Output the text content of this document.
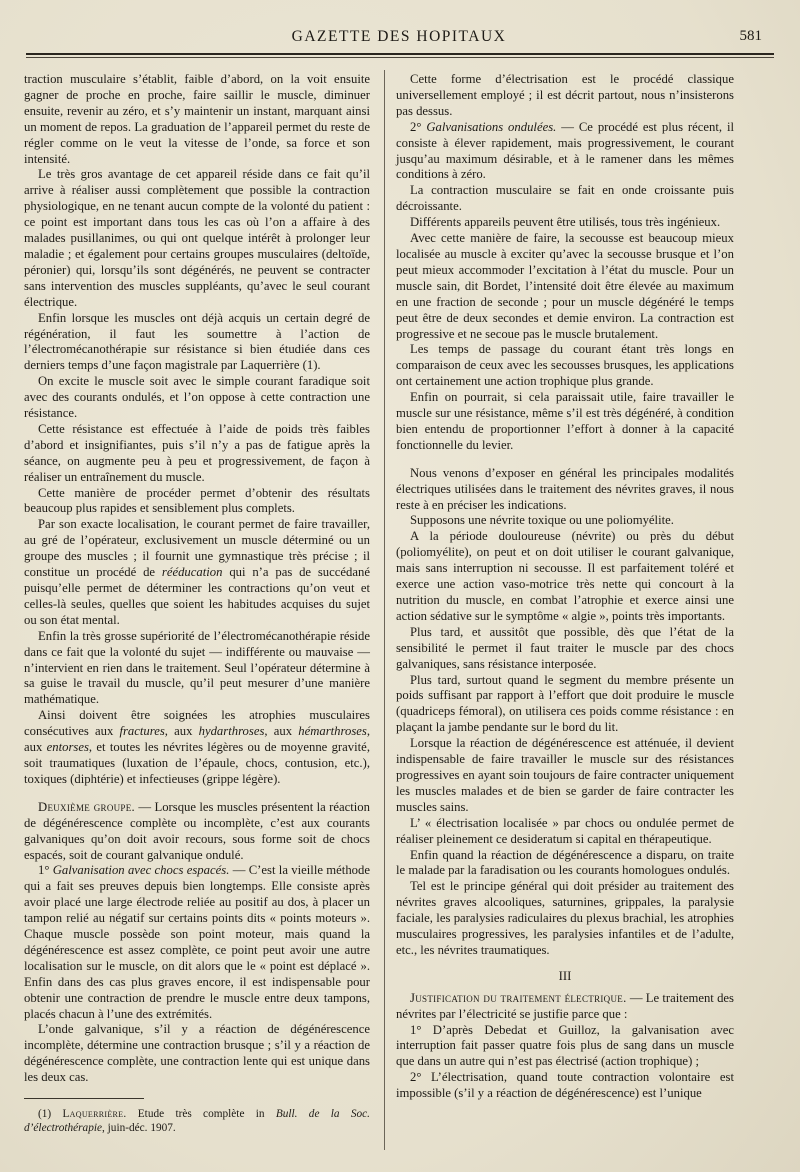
GAZETTE DES HOPITAUX	581

traction musculaire s’établit, faible d’abord, on la voit ensuite gagner de proche en proche, faire saillir le muscle, diminuer ensuite, revenir au zéro, et s’y maintenir un instant, marquant ainsi un moment de repos. La graduation de l’appareil permet du reste de régler comme on le veut la vitesse de l’onde, sa force et son intensité.

Le très gros avantage de cet appareil réside dans ce fait qu’il arrive à réaliser aussi complètement que possible la contraction physiologique, en ne tenant aucun compte de la volonté du patient : ce point est important dans tous les cas où l’on a affaire à des malades pusillanimes, ou qui ont quelque intérêt à prolonger leur maladie ; et également pour certains groupes musculaires (deltoïde, péronier) qui, lorsqu’ils sont dégénérés, ne peuvent se contracter sans intervention des muscles suppléants, qu’avec le seul courant électrique.

Enfin lorsque les muscles ont déjà acquis un certain degré de régénération, il faut les soumettre à l’action de l’électromécanothérapie sur résistance si bien étudiée dans ces derniers temps d’une façon magistrale par Laquerrière (1).

On excite le muscle soit avec le simple courant faradique soit avec des courants ondulés, et l’on oppose à cette contraction une résistance.

Cette résistance est effectuée à l’aide de poids très faibles d’abord et insignifiantes, puis s’il n’y a pas de fatigue après la séance, on augmente peu à peu et progressivement, de façon à réaliser un entraînement du muscle.

Cette manière de procéder permet d’obtenir des résultats beaucoup plus rapides et sensiblement plus complets.

Par son exacte localisation, le courant permet de faire travailler, au gré de l’opérateur, exclusivement un muscle déterminé ou un groupe des muscles ; il fournit une gymnastique très précise ; il constitue un procédé de rééducation qui n’a pas de succédané puisqu’elle permet de déterminer les contractions qu’on veut et celles-là seules, quelles que soient les habitudes acquises du sujet ou son état mental.

Enfin la très grosse supériorité de l’électromécanothérapie réside dans ce fait que la volonté du sujet — indifférente ou mauvaise — n’intervient en rien dans le traitement. Seul l’opérateur détermine à sa guise le travail du muscle, qu’il peut mesurer d’une manière mathématique.

Ainsi doivent être soignées les atrophies musculaires consécutives aux fractures, aux hydarthroses, aux hémarthroses, aux entorses, et toutes les névrites légères ou de moyenne gravité, soit traumatiques (luxation de l’épaule, chocs, contusion, etc.), toxiques (diphtérie) et infectieuses (grippe légère).

Deuxième groupe. — Lorsque les muscles présentent la réaction de dégénérescence complète ou incomplète, c’est aux courants galvaniques qu’on doit avoir recours, sous forme soit de chocs espacés, soit de courant galvanique ondulé.

1° Galvanisation avec chocs espacés. — C’est la vieille méthode qui a fait ses preuves depuis bien longtemps. Elle consiste après avoir placé une large électrode reliée au positif au dos, à placer un tampon relié au négatif sur certains points dits « points moteurs ». Chaque muscle possède son point moteur, mais quand la dégénérescence est assez complète, ce point peut avoir une autre localisation sur le muscle, on dit alors que le « point est déplacé ». Enfin dans des cas plus graves encore, il est indispensable pour obtenir une contraction de prendre le muscle entre deux tampons, placés chacun à l’une des extrémités.

L’onde galvanique, s’il y a réaction de dégénérescence incomplète, détermine une contraction brusque ; s’il y a réaction de dégénérescence complète, une contraction lente qui est unique dans les deux cas.

(1) Laquerrière. Etude très complète in Bull. de la Soc. d’électrothérapie, juin-déc. 1907.

Cette forme d’électrisation est le procédé classique universellement employé ; il est décrit partout, nous n’insisterons pas dessus.

2° Galvanisations ondulées. — Ce procédé est plus récent, il consiste à élever rapidement, mais progressivement, le courant jusqu’au maximum désirable, et à le ramener dans les mêmes conditions à zéro.

La contraction musculaire se fait en onde croissante puis décroissante.

Différents appareils peuvent être utilisés, tous très ingénieux.

Avec cette manière de faire, la secousse est beaucoup mieux localisée au muscle à exciter qu’avec la secousse brusque et l’on peut mieux accommoder l’excitation à l’état du muscle. Pour un muscle sain, dit Bordet, l’intensité doit être élevée au maximum en une fraction de seconde ; pour un muscle dégénéré le temps peut être de deux secondes et demie environ. La contraction est progressive et ne secoue pas le muscle brutalement.

Les temps de passage du courant étant très longs en comparaison de ceux avec les secousses brusques, les applications ont certainement une action trophique plus grande.

Enfin on pourrait, si cela paraissait utile, faire travailler le muscle sur une résistance, même s’il est très dégénéré, à condition bien entendu de proportionner l’effort à donner à la capacité fonctionnelle du levier.

Nous venons d’exposer en général les principales modalités électriques utilisées dans le traitement des névrites graves, il nous reste à en préciser les indications.

Supposons une névrite toxique ou une poliomyélite.

A la période douloureuse (névrite) ou près du début (poliomyélite), on peut et on doit utiliser le courant galvanique, mais sans interruption ni secousse. Il est parfaitement toléré et exerce une action vaso-motrice très nette qui concourt à la nutrition du muscle, en combat l’atrophie et exerce ainsi une action sédative sur le symptôme « algie », points très importants.

Plus tard, et aussitôt que possible, dès que l’état de la sensibilité le permet il faut traiter le muscle par des chocs galvaniques, sans résistance interposée.

Plus tard, surtout quand le segment du membre présente un poids suffisant par rapport à l’effort que doit produire le muscle (quadriceps fémoral), on utilisera ces poids comme résistance : en plaçant la jambe pendante sur le bord du lit.

Lorsque la réaction de dégénérescence est atténuée, il devient indispensable de faire travailler le muscle sur des résistances progressives en ayant soin toujours de faire contracter uniquement les muscles malades et de bien se garder de faire contracter les muscles sains.

L’ « électrisation localisée » par chocs ou ondulée permet de réaliser pleinement ce desideratum si capital en thérapeutique.

Enfin quand la réaction de dégénérescence a disparu, on traite le malade par la faradisation ou les courants homologues ondulés.

Tel est le principe général qui doit présider au traitement des névrites graves alcooliques, saturnines, grippales, la paralysie faciale, les paralysies radiculaires du plexus brachial, les atrophies musculaires progressives, les paralysies infantiles et de l’adulte, etc., les névrites traumatiques.

III

Justification du traitement électrique. — Le traitement des névrites par l’électricité se justifie parce que :

1° D’après Debedat et Guilloz, la galvanisation avec interruption fait passer quatre fois plus de sang dans un muscle que dans un autre qui n’est pas électrisé (action trophique) ;

2° L’électrisation, quand toute contraction volontaire est impossible (s’il y a réaction de dégénérescence) est l’unique
